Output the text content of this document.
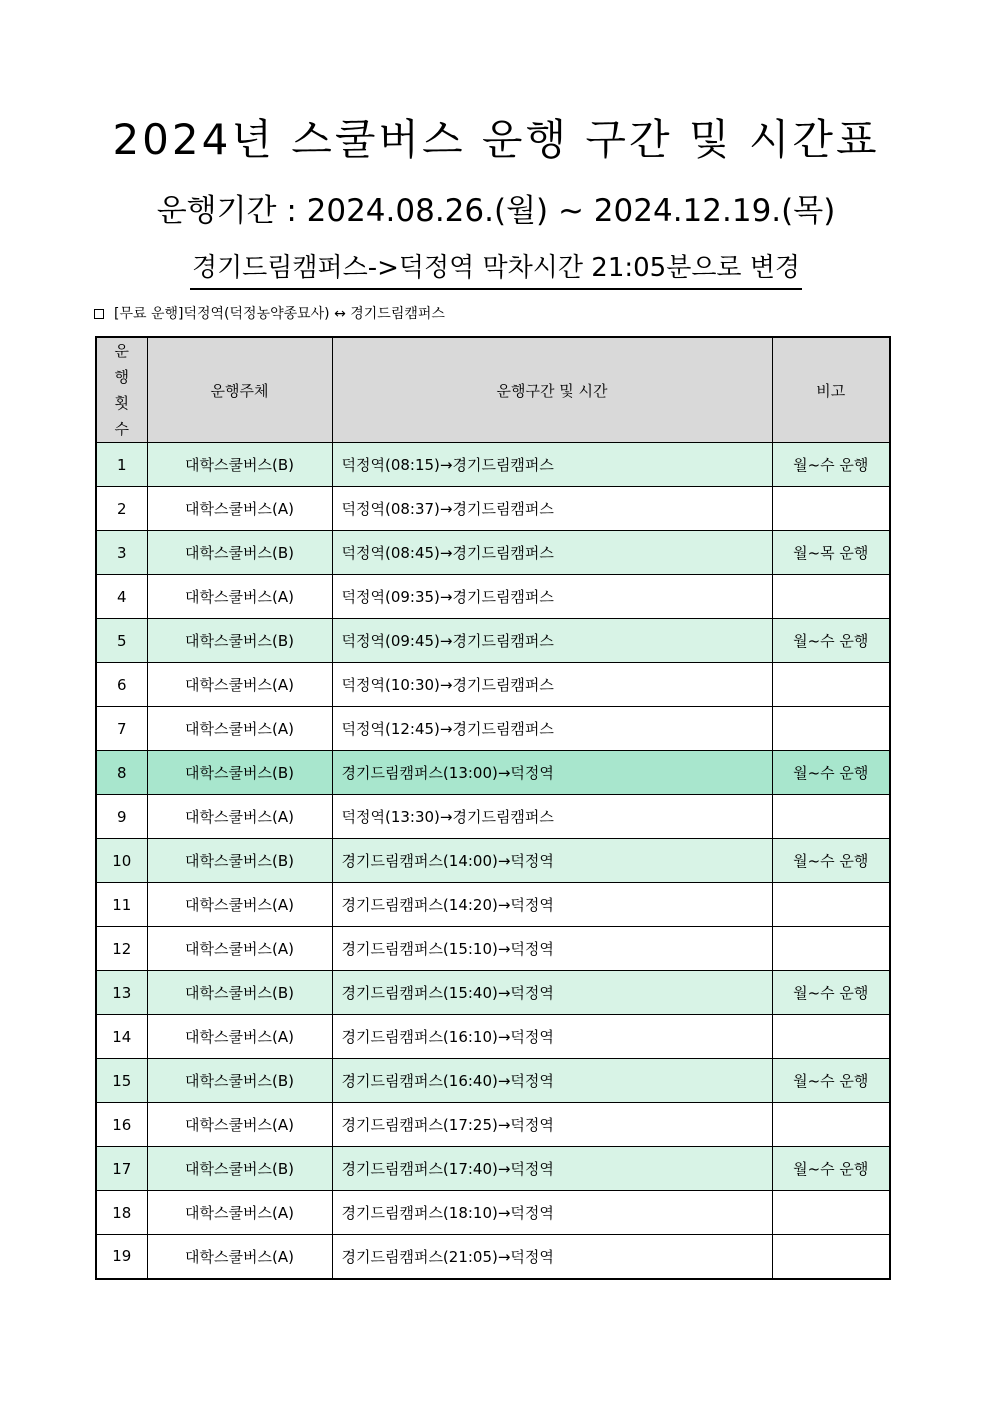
2024년 스쿨버스 운행 구간 및 시간표
운행기간 : 2024.08.26.(월) ~ 2024.12.19.(목)
경기드림캠퍼스->덕정역 막차시간 21:05분으로 변경
[무료 운행]덕정역(덕정농약종묘사) ↔ 경기드림캠퍼스
운행횟수	운행주체	운행구간 및 시간	비고
1	대학스쿨버스(B)	덕정역(08:15)→경기드림캠퍼스	월~수 운행
2	대학스쿨버스(A)	덕정역(08:37)→경기드림캠퍼스	
3	대학스쿨버스(B)	덕정역(08:45)→경기드림캠퍼스	월~목 운행
4	대학스쿨버스(A)	덕정역(09:35)→경기드림캠퍼스	
5	대학스쿨버스(B)	덕정역(09:45)→경기드림캠퍼스	월~수 운행
6	대학스쿨버스(A)	덕정역(10:30)→경기드림캠퍼스	
7	대학스쿨버스(A)	덕정역(12:45)→경기드림캠퍼스	
8	대학스쿨버스(B)	경기드림캠퍼스(13:00)→덕정역	월~수 운행
9	대학스쿨버스(A)	덕정역(13:30)→경기드림캠퍼스	
10	대학스쿨버스(B)	경기드림캠퍼스(14:00)→덕정역	월~수 운행
11	대학스쿨버스(A)	경기드림캠퍼스(14:20)→덕정역	
12	대학스쿨버스(A)	경기드림캠퍼스(15:10)→덕정역	
13	대학스쿨버스(B)	경기드림캠퍼스(15:40)→덕정역	월~수 운행
14	대학스쿨버스(A)	경기드림캠퍼스(16:10)→덕정역	
15	대학스쿨버스(B)	경기드림캠퍼스(16:40)→덕정역	월~수 운행
16	대학스쿨버스(A)	경기드림캠퍼스(17:25)→덕정역	
17	대학스쿨버스(B)	경기드림캠퍼스(17:40)→덕정역	월~수 운행
18	대학스쿨버스(A)	경기드림캠퍼스(18:10)→덕정역	
19	대학스쿨버스(A)	경기드림캠퍼스(21:05)→덕정역	
